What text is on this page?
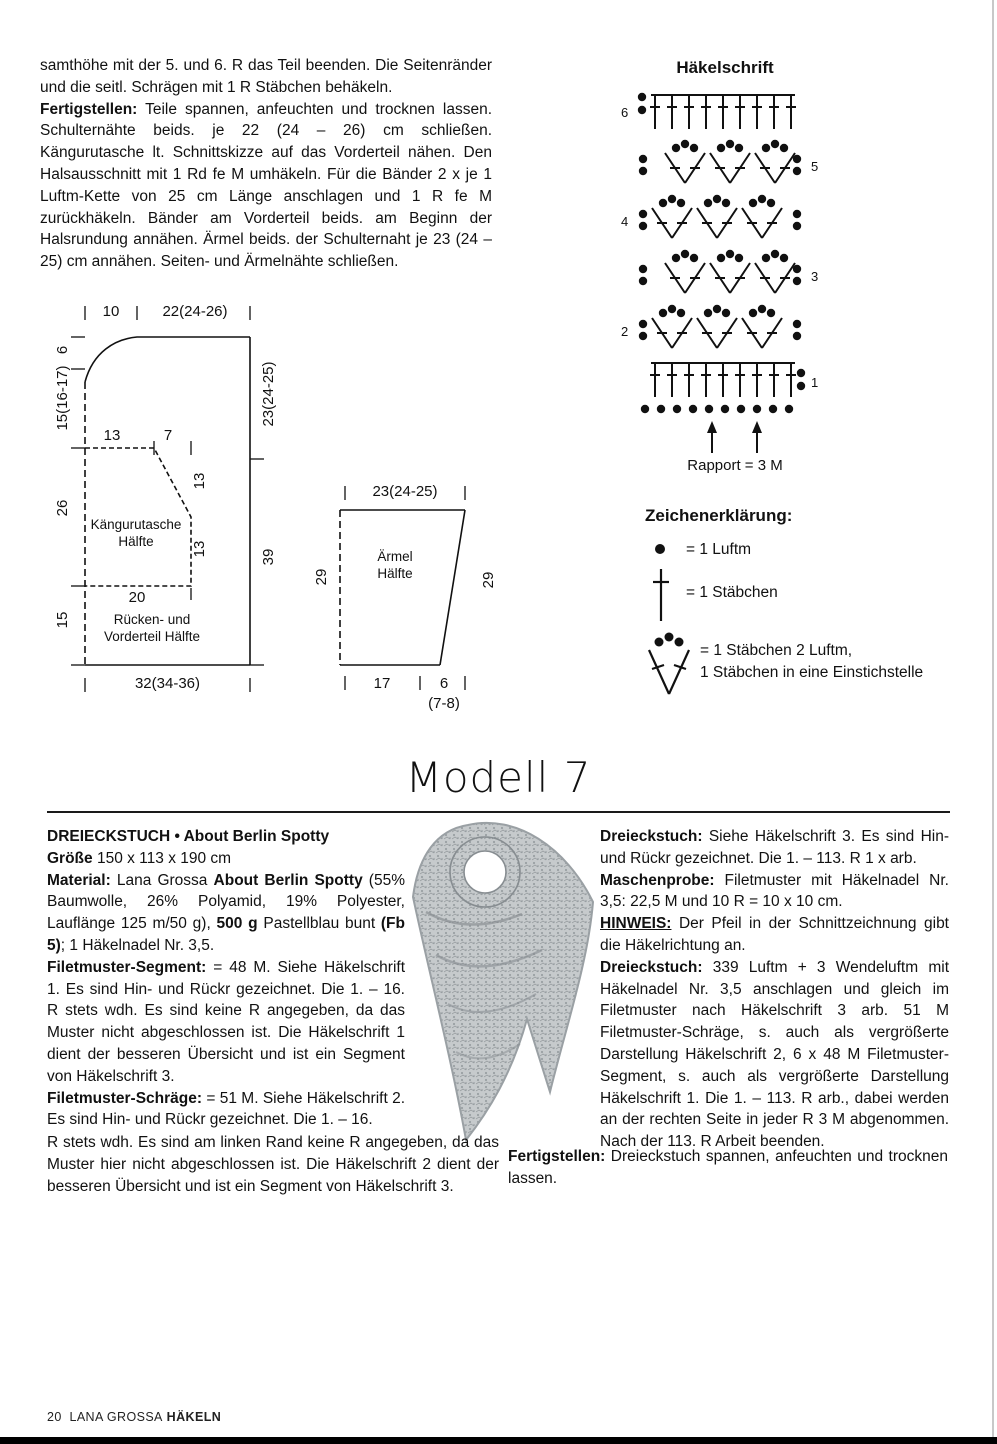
samthöhe mit der 5. und 6. R das Teil beenden. Die Seitenränder und die seitl. Schrägen mit 1 R Stäbchen behäkeln.
Fertigstellen: Teile spannen, anfeuchten und trocknen lassen. Schulternähte beids. je 22 (24 – 26) cm schließen. Kängurutasche lt. Schnittskizze auf das Vorderteil nähen. Den Halsausschnitt mit 1 Rd fe M umhäkeln. Für die Bänder 2 x je 1 Luftm-Kette von 25 cm Länge anschlagen und 1 R fe M zurückhäkeln. Bänder am Vorderteil beids. am Beginn der Halsrundung annähen. Ärmel beids. der Schulternaht je 23 (24 – 25) cm annähen. Seiten- und Ärmelnähte schließen.
Häkelschrift
6
5
4
3
2
1
Rapport = 3 M
10	22(24-26)
6
15(16-17)
26
15
23(24-25)
39
13	7
13
13
20
Kängurutasche
Hälfte
Rücken- und
Vorderteil Hälfte
32(34-36)
23(24-25)
29	29
Ärmel
Hälfte
17	6
(7-8)
Zeichenerklärung:
= 1 Luftm
= 1 Stäbchen
= 1 Stäbchen 2 Luftm,
1 Stäbchen in eine Einstichstelle
Modell 7
DREIECKSTUCH • About Berlin Spotty
Größe 150 x 113 x 190 cm
Material: Lana Grossa About Berlin Spotty (55% Baumwolle, 26% Polyamid, 19% Polyester, Lauflänge 125 m/50 g), 500 g Pastellblau bunt (Fb 5); 1 Häkelnadel Nr. 3,5.
Filetmuster-Segment: = 48 M. Siehe Häkelschrift 1. Es sind Hin- und Rückr gezeichnet. Die 1. – 16. R stets wdh. Es sind keine R angegeben, da das Muster nicht abgeschlossen ist. Die Häkelschrift 1 dient der besseren Übersicht und ist ein Segment von Häkelschrift 3.
Filetmuster-Schräge: = 51 M. Siehe Häkelschrift 2. Es sind Hin- und Rückr gezeichnet. Die 1. – 16.
R stets wdh. Es sind am linken Rand keine R angegeben, da das Muster hier nicht abgeschlossen ist. Die Häkelschrift 2 dient der besseren Übersicht und ist ein Segment von Häkelschrift 3.
Dreieckstuch: Siehe Häkelschrift 3. Es sind Hin- und Rückr gezeichnet. Die 1. – 113. R 1 x arb.
Maschenprobe: Filetmuster mit Häkelnadel Nr. 3,5: 22,5 M und 10 R = 10 x 10 cm.
HINWEIS: Der Pfeil in der Schnittzeichnung gibt die Häkelrichtung an.
Dreieckstuch: 339 Luftm + 3 Wendeluftm mit Häkelnadel Nr. 3,5 anschlagen und gleich im Filetmuster nach Häkelschrift 3 arb. 51 M Filetmuster-Schräge, s. auch als vergrößerte Darstellung Häkelschrift 2, 6 x 48 M Filetmuster-Segment, s. auch als vergrößerte Darstellung Häkelschrift 1. Die 1. – 113. R arb., dabei werden an der rechten Seite in jeder R 3 M abgenommen. Nach der 113. R Arbeit beenden.
Fertigstellen: Dreieckstuch spannen, anfeuchten und trocknen lassen.
20 LANA GROSSA HÄKELN
